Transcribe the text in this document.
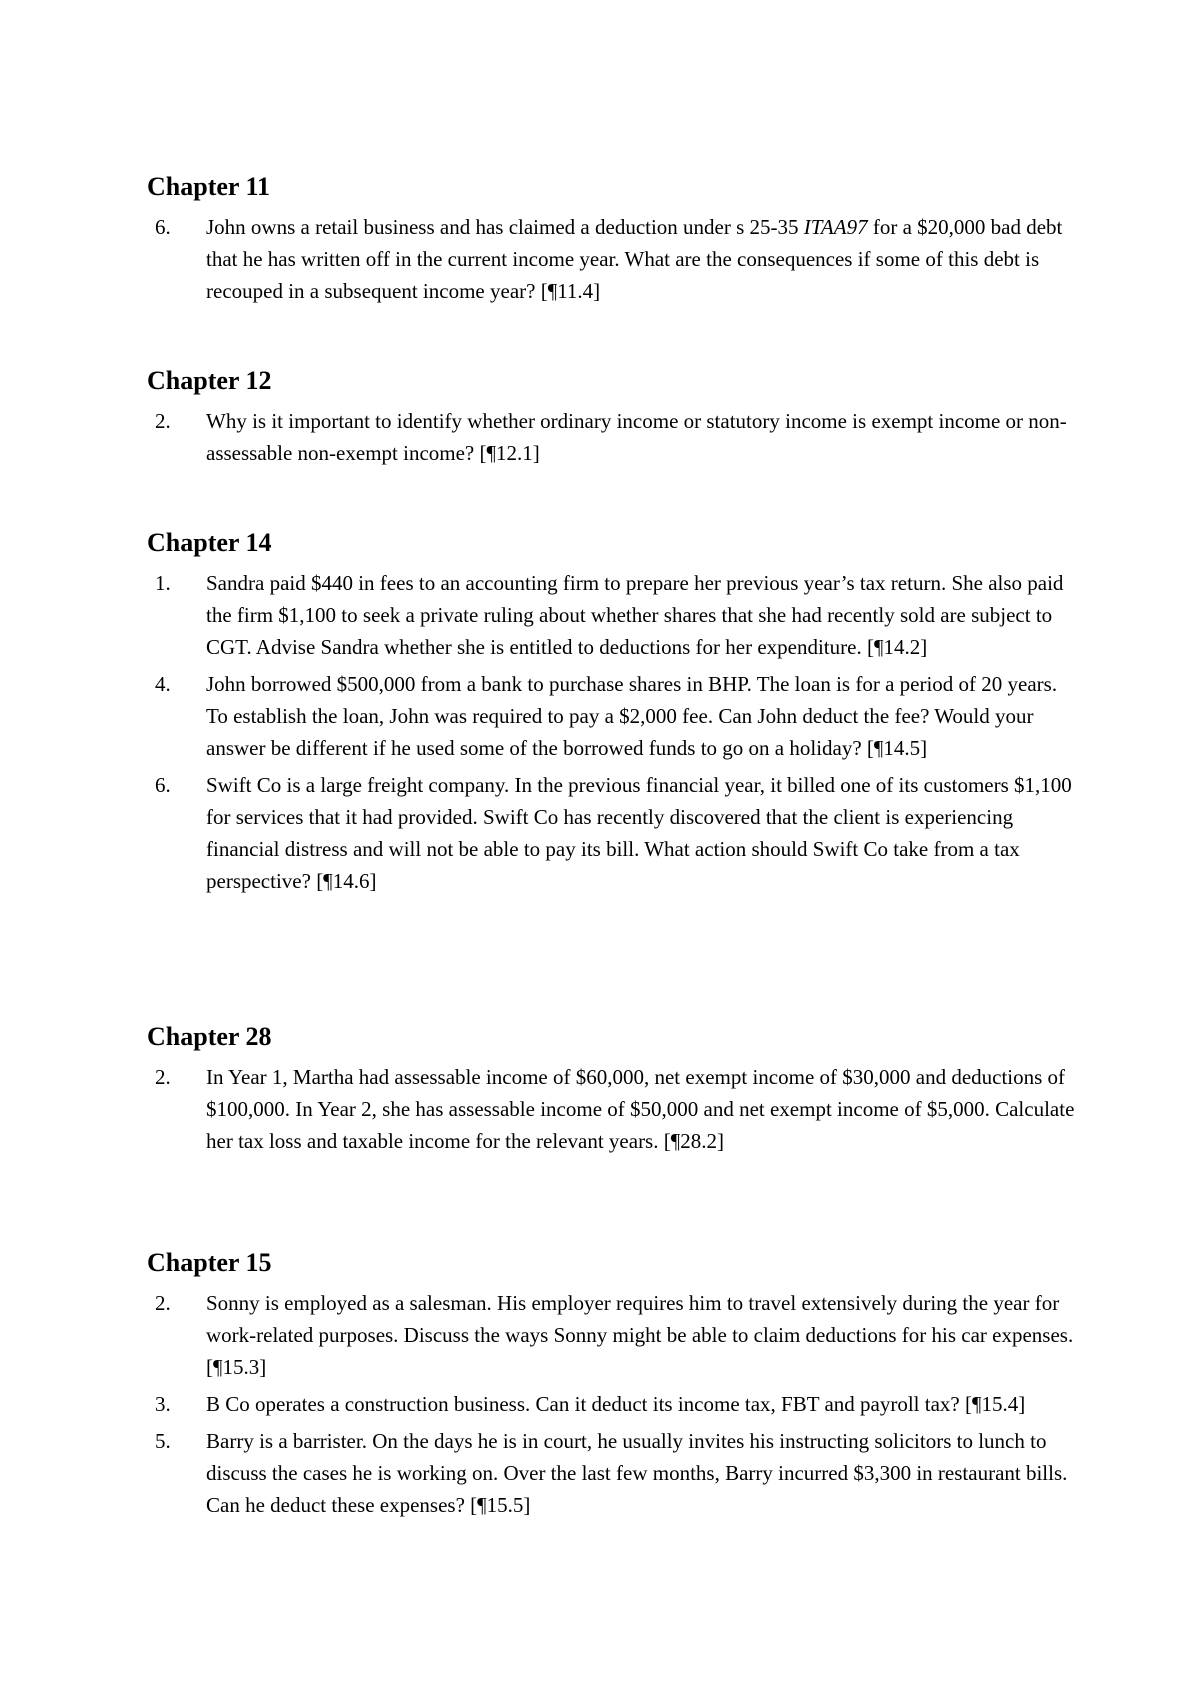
Chapter 11
6. John owns a retail business and has claimed a deduction under s 25-35 ITAA97 for a $20,000 bad debt that he has written off in the current income year. What are the consequences if some of this debt is recouped in a subsequent income year? [¶11.4]
Chapter 12
2. Why is it important to identify whether ordinary income or statutory income is exempt income or non-assessable non-exempt income? [¶12.1]
Chapter 14
1. Sandra paid $440 in fees to an accounting firm to prepare her previous year’s tax return. She also paid the firm $1,100 to seek a private ruling about whether shares that she had recently sold are subject to CGT. Advise Sandra whether she is entitled to deductions for her expenditure. [¶14.2]
4. John borrowed $500,000 from a bank to purchase shares in BHP. The loan is for a period of 20 years. To establish the loan, John was required to pay a $2,000 fee. Can John deduct the fee? Would your answer be different if he used some of the borrowed funds to go on a holiday? [¶14.5]
6. Swift Co is a large freight company. In the previous financial year, it billed one of its customers $1,100 for services that it had provided. Swift Co has recently discovered that the client is experiencing financial distress and will not be able to pay its bill. What action should Swift Co take from a tax perspective? [¶14.6]
Chapter 28
2. In Year 1, Martha had assessable income of $60,000, net exempt income of $30,000 and deductions of $100,000. In Year 2, she has assessable income of $50,000 and net exempt income of $5,000. Calculate her tax loss and taxable income for the relevant years. [¶28.2]
Chapter 15
2. Sonny is employed as a salesman. His employer requires him to travel extensively during the year for work-related purposes. Discuss the ways Sonny might be able to claim deductions for his car expenses. [¶15.3]
3. B Co operates a construction business. Can it deduct its income tax, FBT and payroll tax? [¶15.4]
5. Barry is a barrister. On the days he is in court, he usually invites his instructing solicitors to lunch to discuss the cases he is working on. Over the last few months, Barry incurred $3,300 in restaurant bills. Can he deduct these expenses? [¶15.5]
